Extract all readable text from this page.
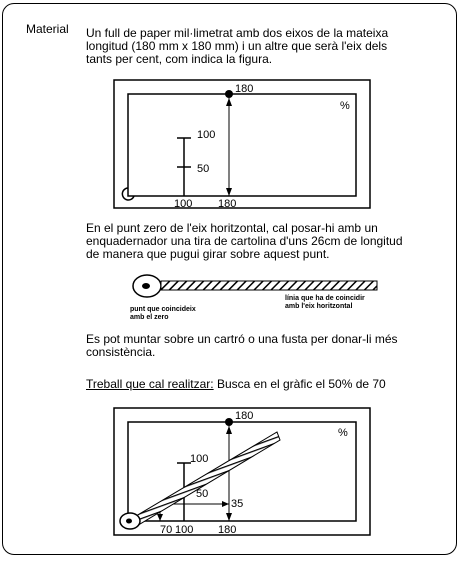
Material Un full de paper mil·limetrat amb dos eixos de la mateixa longitud (180 mm x 180 mm) i un altre que serà l'eix dels tants per cent, com indica la figura.

En el punt zero de l'eix horitzontal, cal posar-hi amb un enquadernador una tira de cartolina d'uns 26cm de longitud de manera que pugui girar sobre aquest punt.

Es pot muntar sobre un cartró o una fusta per donar-li més consistència.

Treball que cal realitzar: Busca en el gràfic el 50% de 70

180
%
100
50
100 180
punt que coincideix
amb el zero
línia que ha de coincidir
amb l'eix horitzontal
180
%
100
50
35
70 100 180
